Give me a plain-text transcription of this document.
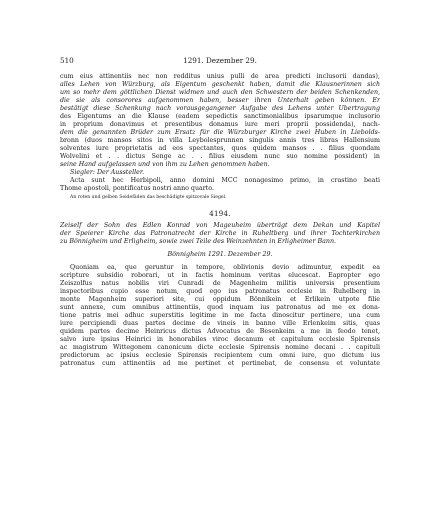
510	1291. Dezember 29.
cum eius attinentiis nec non redditus unius pulli de area predicti inclusorii dandas),
alles Lehen von Würzburg, als Eigentum geschenkt haben, damit die Klausnerinnen sich
um so mehr dem göttlichen Dienst widmen und auch den Schwestern der beiden Schenkenden,
die sie als consorores aufgenommen haben, besser ihren Unterhalt geben können. Er
bestätigt diese Schenkung nach vorausgegangener Aufgabe des Lehens unter Übertragung
des Eigentums an die Klause (eadem sepedictis sanctimonialibus ipsarumque inclusorio
in proprium donavimus et presentibus donamus iure meri proprii possidenda), nach-
dem die genannten Brüder zum Ersatz für die Würzburger Kirche zwei Huben in Liebolds-
bronn (duos mansos sitos in villa Leybolesprunnen singulis annis tres libras Hallensium
solventes iure proprietatis ad eos spectantes, quos quidem mansos . . filius quondam
Wolvelini et . . dictus Senge ac . . filius eiusdem nunc suo nomine possident) in
seine Hand aufgelassen und von ihm zu Lehen genommen haben.
Siegler: Der Aussteller.
Acta sunt hec Herbipoli, anno domini MCC nonagesimo primo, in crastino beati
Thome apostoli, pontificatus nostri anno quarto.
An roten und gelben Seidefäden das beschädigte spitzovale Siegel.
4194.
Zeiself der Sohn des Edlen Konrad von Mageuheim überträgt dem Dekan und Kapitel
der Speierer Kirche das Patronatrecht der Kirche in Ruheltberg und ihrer Tochterkirchen
zu Bönnigheim und Erligheim, sowie zwei Teile des Weinzehnten in Erligheimer Bann.
Bönnigheim 1291. Dezember 29.
Quoniam ea, que geruntur in tempore, oblivionis devio adimuntur, expedit ea
scripture subsidio roborari, ut in factis hominum veritas elucescat. Eapropter ego
Zeiszolfus natus nobilis viri Cunradi de Magenheim militis universis presentium
inspectoribus cupio esse notum, quod ego ius patronatus ecclesie in Ruhelberg in
monte Magenheim superiori site, cui oppidum Bönnikein et Erlikein utpote filie
sunt annexe, cum omnibus attinentiis, quod inquam ius patronatus ad me ex dona-
tione patris mei adhuc superstitis legitime in me facta dinoscitur pertinere, una cum
iure percipiendi duas partes decime de vineis in banno ville Erlenkeim sitis, quas
quidem partes decime Heinricus dictus Advocatus de Besenkeim a me in feodo tenet,
salvo iure ipsius Heinrici in honorabiles virос decanum et capitulum ecclesie Spirensis
ac magistrum Wittegonem canonicum dicte ecclesie Spirensis nomine decani . . capituli
predictorum ac ipsius ecclesie Spirensis recipientem cum omni iure, quo dictum ius
patronatus cum attinentiis ad me pertinet et pertinebat, de consensu et voluntate
